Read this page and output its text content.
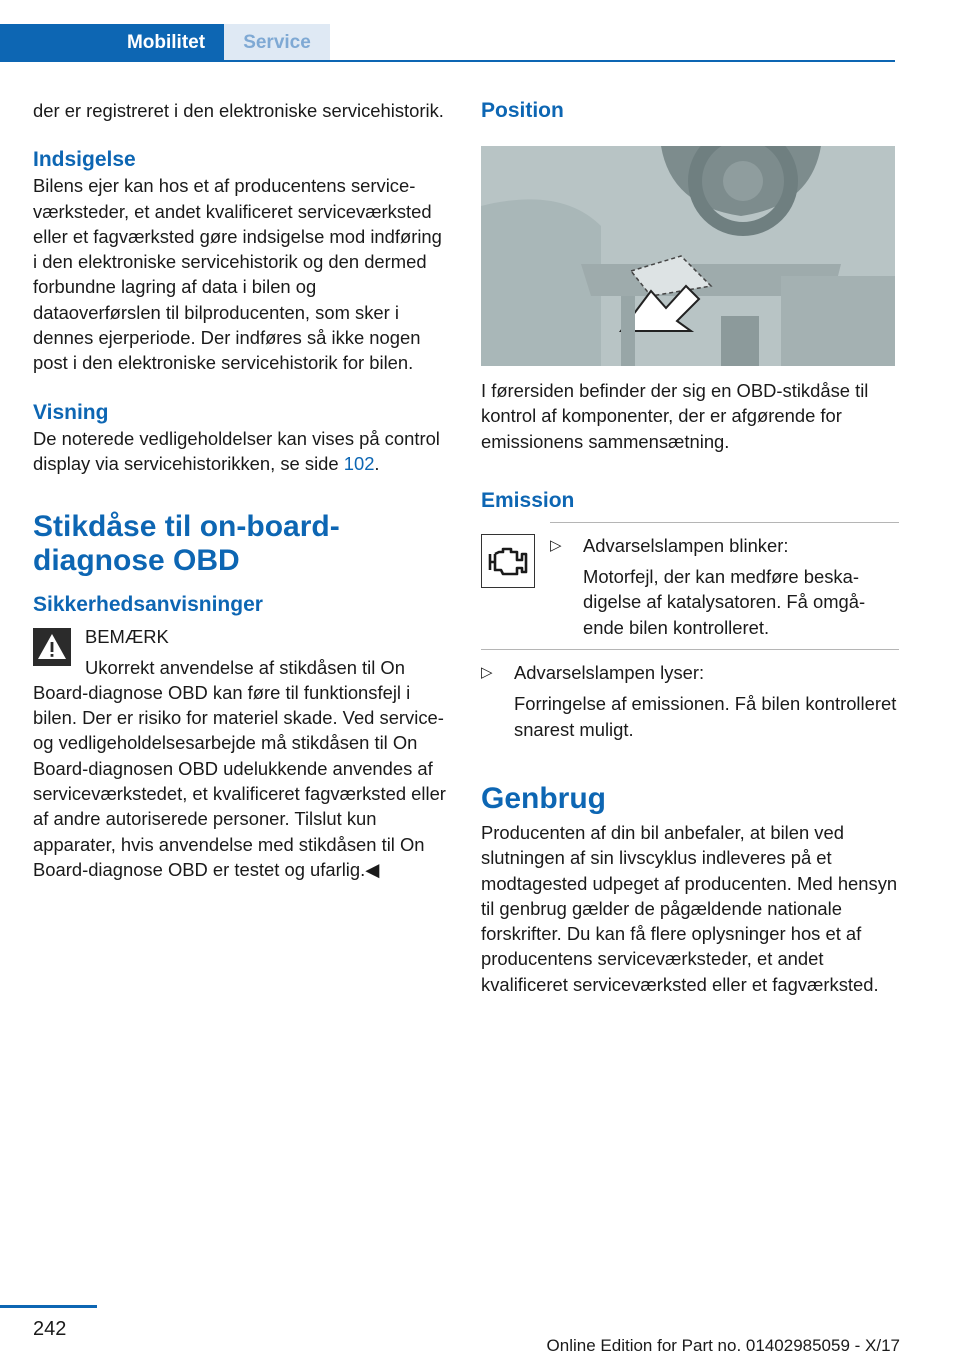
Mobilitet	Service

der er registreret i den elektroniske servicehistorik.

Indsigelse

Bilens ejer kan hos et af producentens serviceværksteder, et andet kvalificeret serviceværksted eller et fagværksted gøre indsigelse mod indføring i den elektroniske servicehistorik og den dermed forbundne lagring af data i bilen og dataoverførslen til bilproducenten, som sker i dennes ejerperiode. Der indføres så ikke nogen post i den elektroniske servicehistorik for bilen.

Visning

De noterede vedligeholdelser kan vises på control display via servicehistorikken, se side 102.

Stikdåse til on-board-diagnose OBD
Sikkerhedsanvisninger

BEMÆRK

Ukorrekt anvendelse af stikdåsen til On Board-diagnose OBD kan føre til funktionsfejl i bilen. Der er risiko for materiel skade. Ved service- og vedligeholdelsesarbejde må stikdåsen til On Board-diagnosen OBD udelukkende anvendes af serviceværkstedet, et kvalificeret fagværksted eller af andre autoriserede personer. Tilslut kun apparater, hvis anvendelse med stikdåsen til On Board-diagnose OBD er testet og ufarlig.◀

Position

I førersiden befinder der sig en OBD-stikdåse til kontrol af komponenter, der er afgørende for emissionens sammensætning.

Emission
▷	Advarselslampen blinker:

Motorfejl, der kan medføre beskadigelse af katalysatoren. Få omgående bilen kontrolleret.

▷	Advarselslampen lyser:

Forringelse af emissionen. Få bilen kontrolleret snarest muligt.

Genbrug

Producenten af din bil anbefaler, at bilen ved slutningen af sin livscyklus indleveres på et modtagested udpeget af producenten. Med hensyn til genbrug gælder de pågældende nationale forskrifter. Du kan få flere oplysninger hos et af producentens serviceværksteder, et andet kvalificeret serviceværksted eller et fagværksted.

242
Online Edition for Part no. 01402985059 - X/17
